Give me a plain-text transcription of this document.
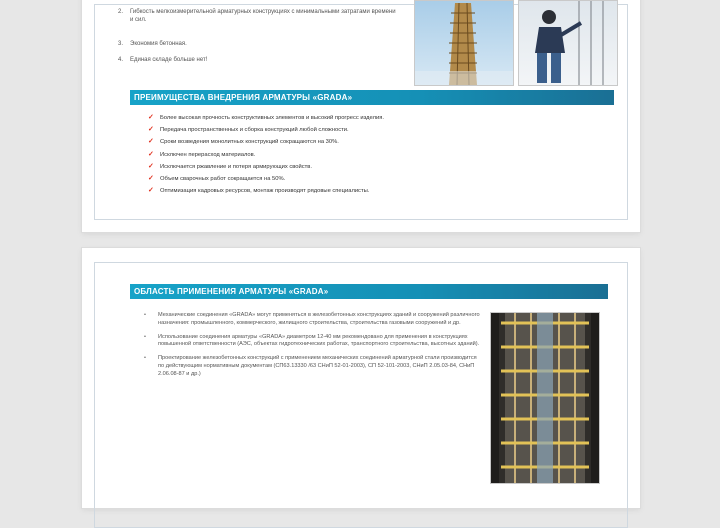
2.	Гибкость мелкоизмерительной арматурных конструкциях с минимальными затратами времени и сил.
3.	Экономия бетонная.
4.	Единая складе больше нет!
ПРЕИМУЩЕСТВА ВНЕДРЕНИЯ АРМАТУРЫ «GRADA»
✓	Более высокая прочность конструктивных элементов и высокий прогресс изделия.
✓	Передача пространственных и сборка конструкций любой сложности.
✓	Сроки возведения монолитных конструкций сокращаются на 30%.
✓	Исключен перерасход материалов.
✓	Исключается ржавление и потеря армирующих свойств.
✓	Объем сварочных работ сокращается на 50%.
✓	Оптимизация кадровых ресурсов, монтаж производят рядовые специалисты.
ОБЛАСТЬ ПРИМЕНЕНИЯ АРМАТУРЫ «GRADA»
•	Механические соединения «GRADA» могут применяться в железобетонных конструкциях зданий и сооружений различного назначения: промышленного, коммерческого, жилищного строительства, строительства газовыми сооружений и др.
•	Использование соединения арматуры «GRADA» диаметром 12-40 мм рекомендовано для применения в конструкциях повышенной ответственности (АЭС, объектах гидротехнических работах, транспортного строительства, высотных зданий).
•	Проектирование железобетонных конструкций с применением механических соединений арматурной стали производится по действующим нормативным документам (СП63.13330 /63 СНиП 52-01-2003), СП 52-101-2003, СНиП 2.05.03-84, СНиП 2.06.08-87 и др.)
